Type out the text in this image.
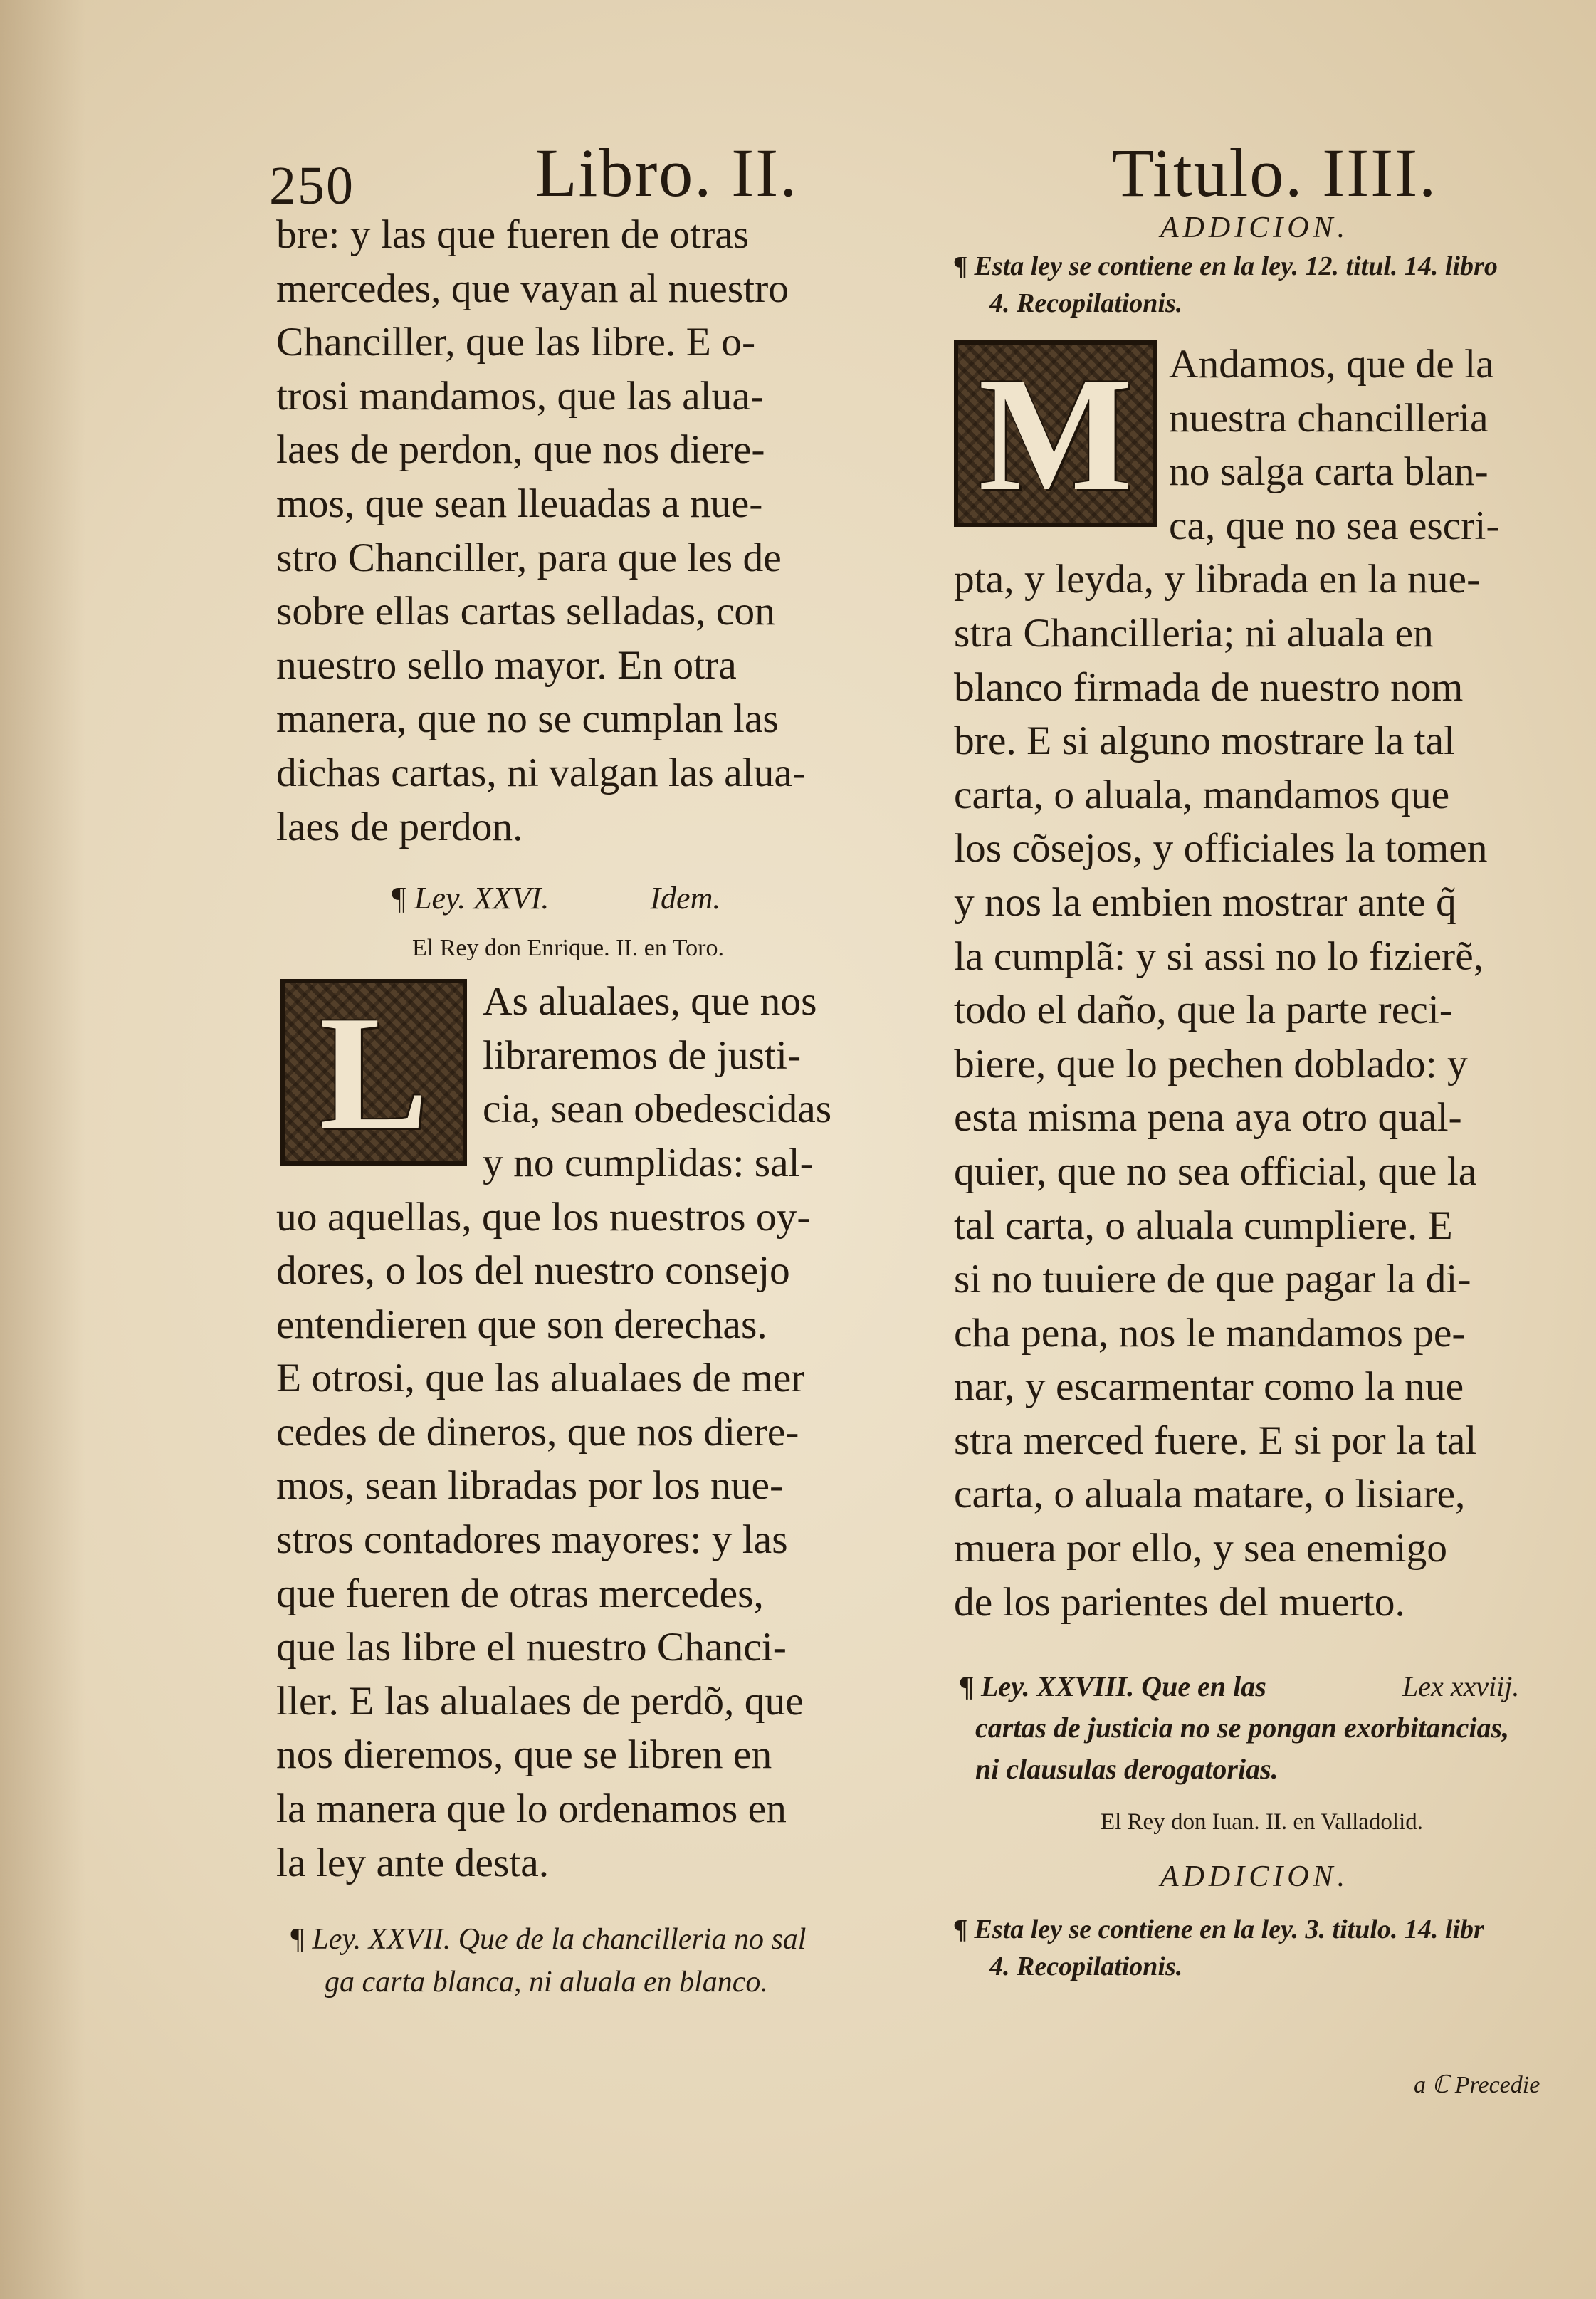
250	Libro. II.	Titulo. IIII.
bre: y las que fueren de otras
mercedes, que vayan al nuestro
Chanciller, que las libre. E o-
trosi mandamos, que las alua-
laes de perdon, que nos diere-
mos, que sean lleuadas a nue-
stro Chanciller, para que les de
sobre ellas cartas selladas, con
nuestro sello mayor. En otra
manera, que no se cumplan las
dichas cartas, ni valgan las alua-
laes de perdon.
¶ Ley. XXVI.	Idem.
El Rey don Enrique. II. en Toro.
L	As alualaes, que nos
libraremos de justi-
cia, sean obedescidas
y no cumplidas: sal-
uo aquellas, que los nuestros oy-
dores, o los del nuestro consejo
entendieren que son derechas.
E otrosi, que las alualaes de mer
cedes de dineros, que nos diere-
mos, sean libradas por los nue-
stros contadores mayores: y las
que fueren de otras mercedes,
que las libre el nuestro Chanci-
ller. E las alualaes de perdõ, que
nos dieremos, que se libren en
la manera que lo ordenamos en
la ley ante desta.
¶ Ley. XXVII. Que de la chancilleria no sal
ga carta blanca, ni aluala en blanco.
ADDICION.
¶ Esta ley se contiene en la ley. 12. titul. 14. libro
4. Recopilationis.
M Andamos, que de la
nuestra chancilleria
no salga carta blan-
ca, que no sea escri-
pta, y leyda, y librada en la nue-
stra Chancilleria; ni aluala en
blanco firmada de nuestro nom
bre. E si alguno mostrare la tal
carta, o aluala, mandamos que
los cõsejos, y officiales la tomen
y nos la embien mostrar ante q̃
la cumplã: y si assi no lo fizierẽ,
todo el daño, que la parte reci-
biere, que lo pechen doblado: y
esta misma pena aya otro qual-
quier, que no sea official, que la
tal carta, o aluala cumpliere. E
si no tuuiere de que pagar la di-
cha pena, nos le mandamos pe-
nar, y escarmentar como la nue
stra merced fuere. E si por la tal
carta, o aluala matare, o lisiare,
muera por ello, y sea enemigo
de los parientes del muerto.
¶ Ley. XXVIII. Que en las	Lex xxviij.
cartas de justicia no se pongan exorbitancias,
ni clausulas derogatorias.
El Rey don Iuan. II. en Valladolid.
ADDICION.
¶ Esta ley se contiene en la ley. 3. titulo. 14. libr
4. Recopilationis.
a ℂ Precedie
